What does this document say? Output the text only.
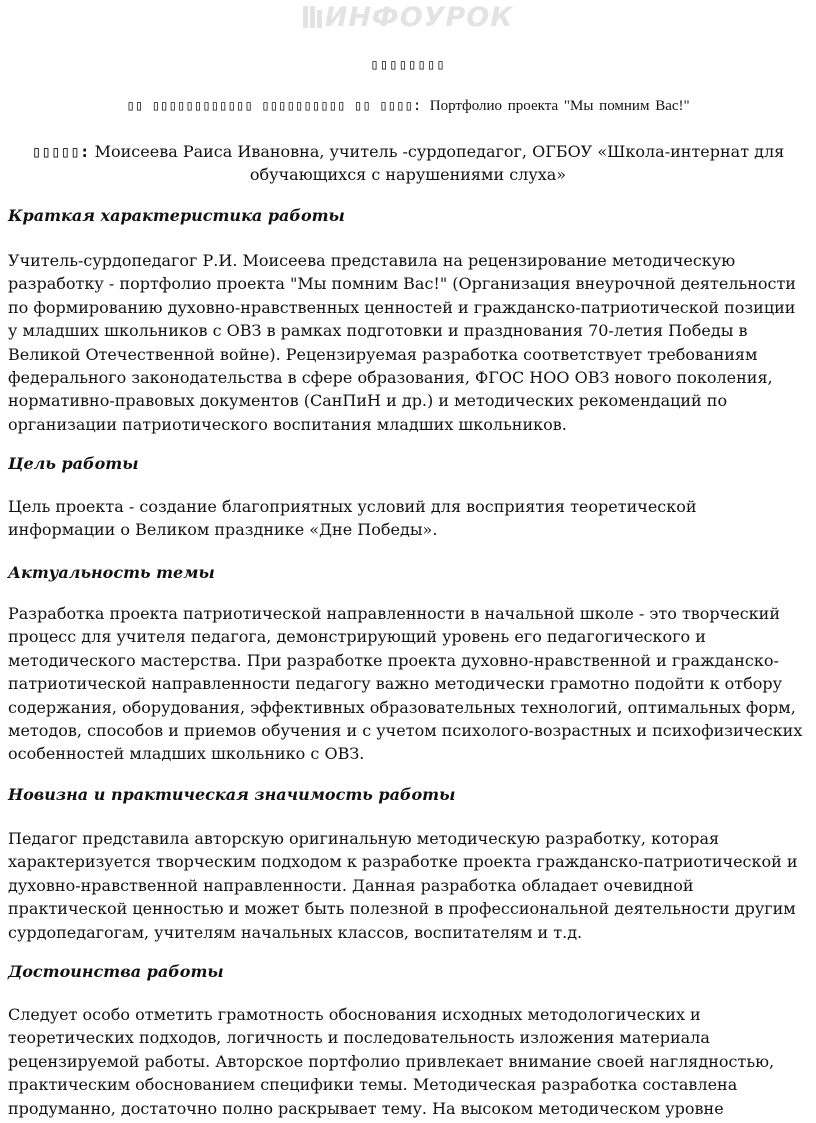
ИНФОУРОК
▯▯▯▯▯▯▯▯
▯▯ ▯▯▯▯▯▯▯▯▯▯▯▯ ▯▯▯▯▯▯▯▯▯▯ ▯▯ ▯▯▯▯: Портфолио проекта "Мы помним Вас!"
▯▯▯▯▯: Моисеева Раиса Ивановна, учитель -сурдопедагог, ОГБОУ «Школа-интернат для обучающихся с нарушениями слуха»
Краткая характеристика работы
Учитель-сурдопедагог Р.И. Моисеева представила на рецензирование методическую разработку - портфолио проекта "Мы помним Вас!" (Организация внеурочной деятельности по формированию духовно-нравственных ценностей и гражданско-патриотической позиции у младших школьников с ОВЗ в рамках подготовки и празднования 70-летия Победы в Великой Отечественной войне). Рецензируемая разработка соответствует требованиям федерального законодательства в сфере образования, ФГОС НОО ОВЗ нового поколения, нормативно-правовых документов (СанПиН и др.) и методических рекомендаций по организации патриотического воспитания младших школьников.
Цель работы
Цель проекта - создание благоприятных условий для восприятия теоретической информации о Великом празднике «Дне Победы».
Актуальность темы
Разработка проекта патриотической направленности в начальной школе - это творческий процесс для учителя педагога, демонстрирующий уровень его педагогического и методического мастерства. При разработке проекта духовно-нравственной и гражданско-патриотической направленности педагогу важно методически грамотно подойти к отбору содержания, оборудования, эффективных образовательных технологий, оптимальных форм, методов, способов и приемов обучения и с учетом психолого-возрастных и психофизических особенностей младших школьнико с ОВЗ.
Новизна и практическая значимость работы
Педагог представила авторскую оригинальную методическую разработку, которая характеризуется творческим подходом к разработке проекта гражданско-патриотической и духовно-нравственной направленности. Данная разработка обладает очевидной практической ценностью и может быть полезной в профессиональной деятельности другим сурдопедагогам, учителям начальных классов, воспитателям и т.д.
Достоинства работы
Следует особо отметить грамотность обоснования исходных методологических и теоретических подходов, логичность и последовательность изложения материала рецензируемой работы. Авторское портфолио привлекает внимание своей наглядностью, практическим обоснованием специфики темы. Методическая разработка составлена продуманно, достаточно полно раскрывает тему. На высоком методическом уровне
